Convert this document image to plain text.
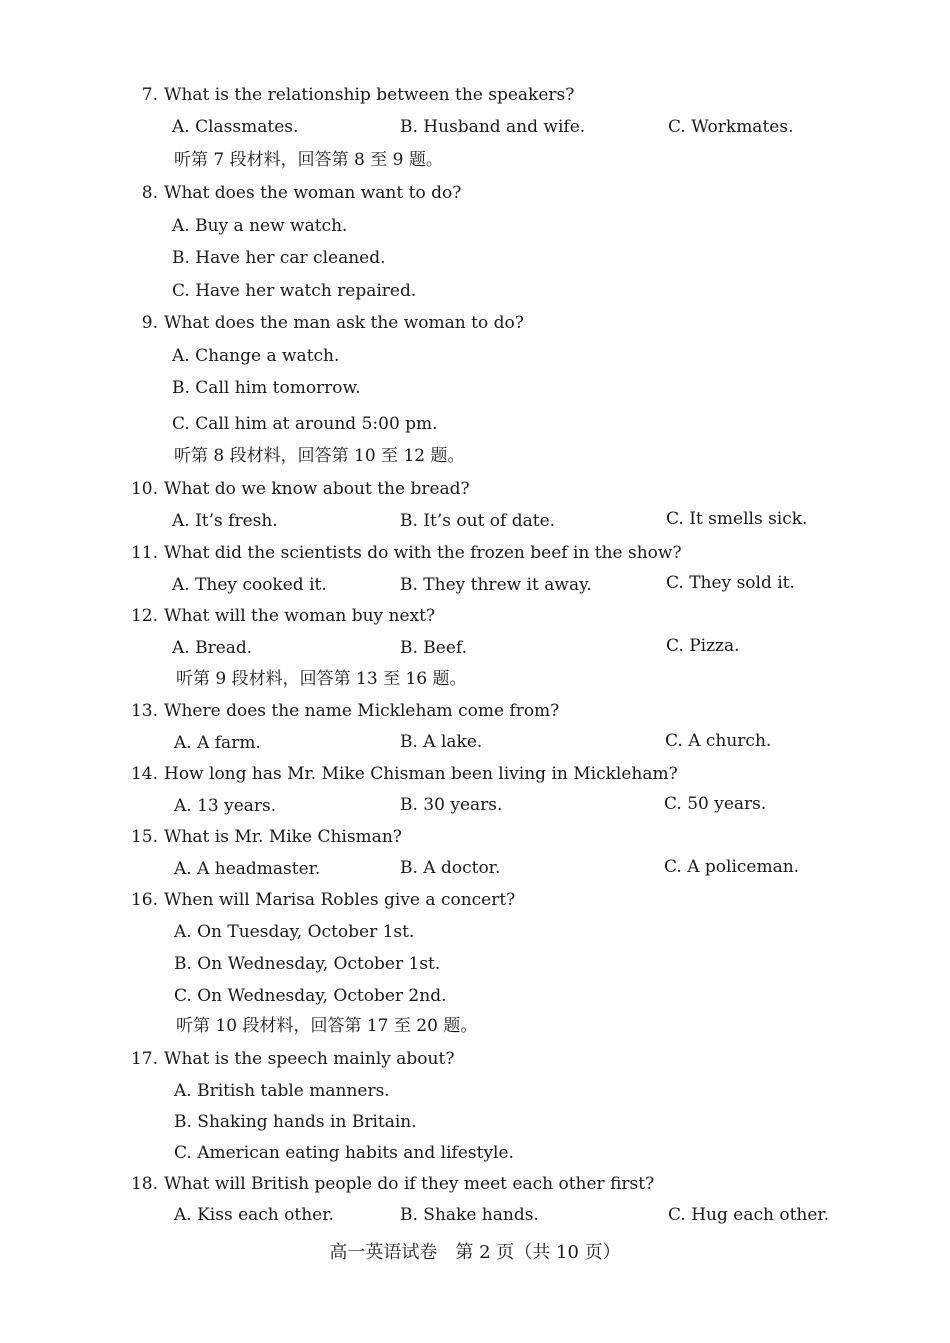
7. What is the relationship between the speakers?
A. Classmates.	B. Husband and wife.	C. Workmates.
听第 7 段材料，回答第 8 至 9 题。
8. What does the woman want to do?
A. Buy a new watch.
B. Have her car cleaned.
C. Have her watch repaired.
9. What does the man ask the woman to do?
A. Change a watch.
B. Call him tomorrow.
C. Call him at around 5:00 pm.
听第 8 段材料，回答第 10 至 12 题。
10. What do we know about the bread?
A. It’s fresh.	B. It’s out of date.	C. It smells sick.
11. What did the scientists do with the frozen beef in the show?
A. They cooked it.	B. They threw it away.	C. They sold it.
12. What will the woman buy next?
A. Bread.	B. Beef.	C. Pizza.
听第 9 段材料，回答第 13 至 16 题。
13. Where does the name Mickleham come from?
A. A farm.	B. A lake.	C. A church.
14. How long has Mr. Mike Chisman been living in Mickleham?
A. 13 years.	B. 30 years.	C. 50 years.
15. What is Mr. Mike Chisman?
A. A headmaster.	B. A doctor.	C. A policeman.
16. When will Marisa Robles give a concert?
A. On Tuesday, October 1st.
B. On Wednesday, October 1st.
C. On Wednesday, October 2nd.
听第 10 段材料，回答第 17 至 20 题。
17. What is the speech mainly about?
A. British table manners.
B. Shaking hands in Britain.
C. American eating habits and lifestyle.
18. What will British people do if they meet each other first?
A. Kiss each other.	B. Shake hands.	C. Hug each other.
高一英语试卷　第 2 页（共 10 页）
